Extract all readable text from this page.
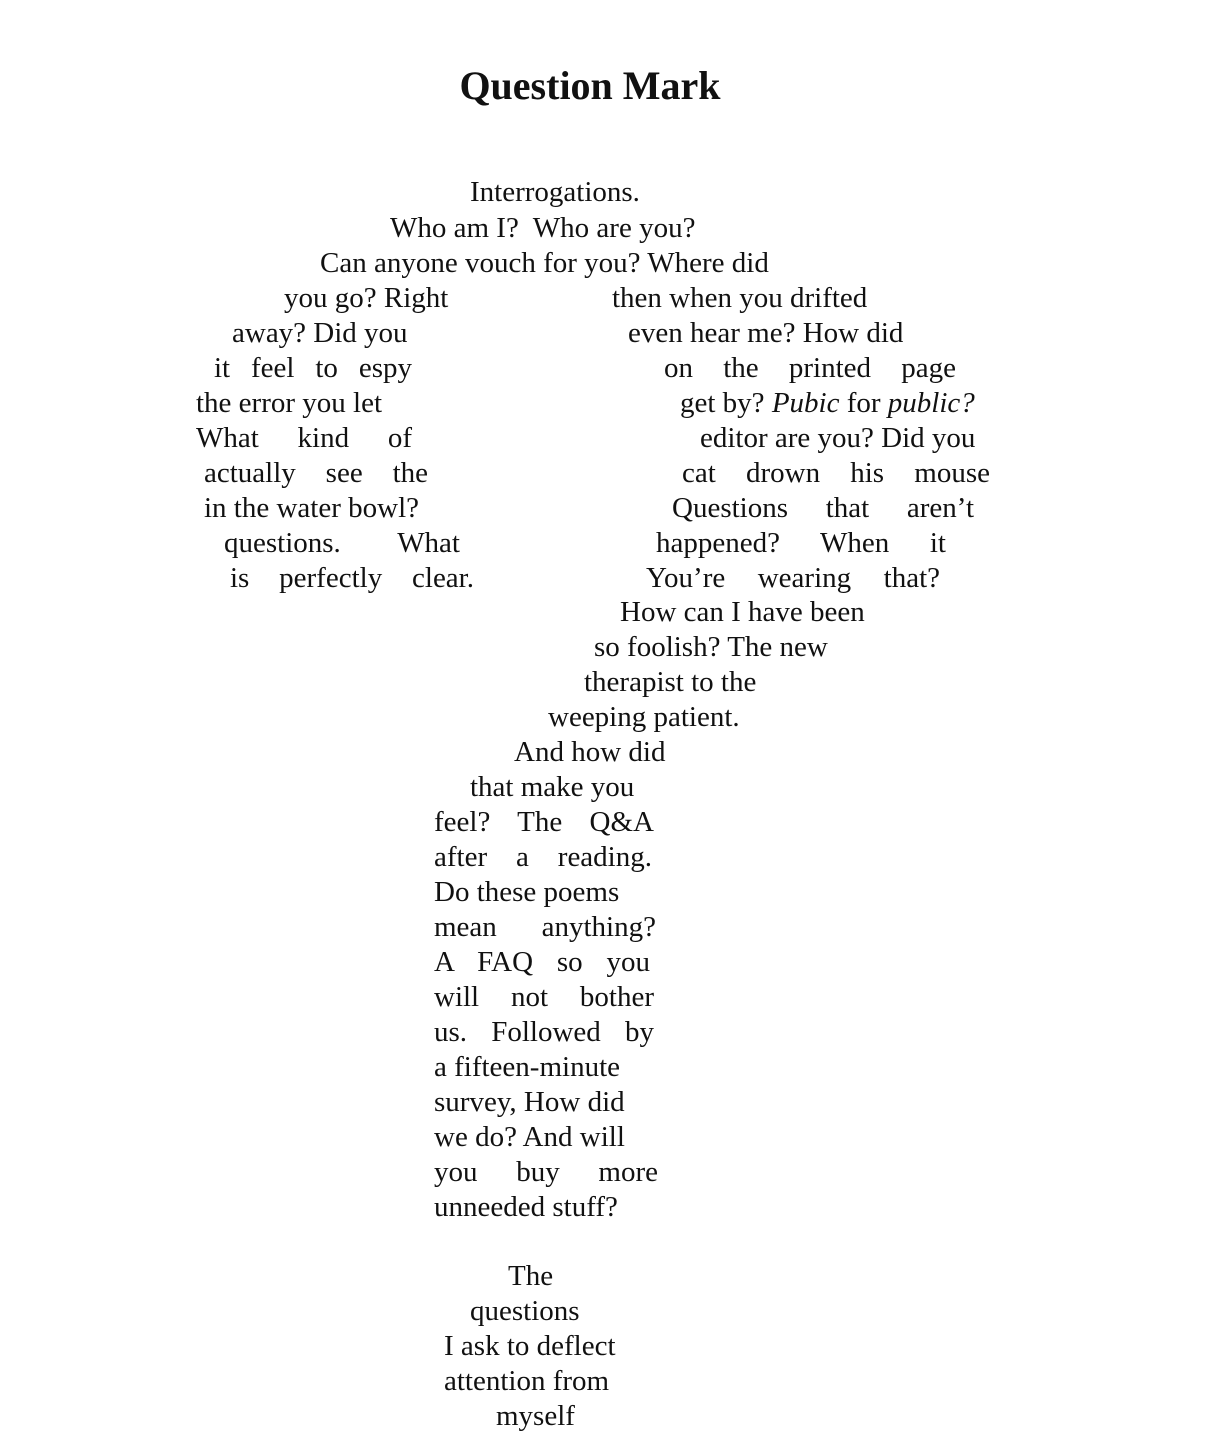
Question Mark
Interrogations.
Who am I?  Who are you?
Can anyone vouch for you? Where did
you go? Right	then when you drifted
away? Did you	even hear me? How did
it feel to espy	on the printed page
the error you let	get by? Pubic for public?
What kind of	editor are you? Did you
actually see the	cat drown his mouse
in the water bowl?	Questions that aren’t
questions. What	happened? When it
is perfectly clear.	You’re wearing that?
How can I have been
so foolish? The new
therapist to the
weeping patient.
And how did
that make you
feel? The Q&A
after a reading.
Do these poems
mean anything?
A FAQ so you
will not bother
us. Followed by
a fifteen-minute
survey, How did
we do? And will
you buy more
unneeded stuff?
The
questions
I ask to deflect
attention from
myself
